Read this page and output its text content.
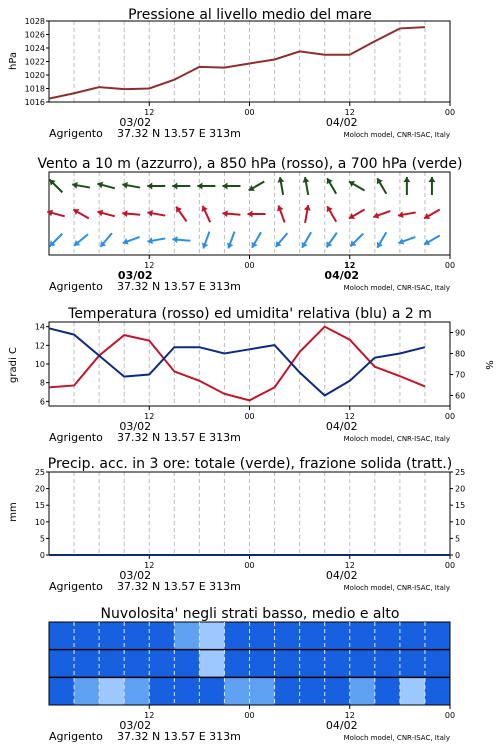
Pressione al livello medio del mare
hPa
12	00	12	00
03/02	04/02
Agrigento 37.32 N 13.57 E 313m	Moloch model, CNR-ISAC, Italy
1016
1018
1020
1022
1024
1026
1028
Vento a 10 m (azzurro), a 850 hPa (rosso), a 700 hPa (verde)
12	00	12	00
03/02	04/02
Agrigento 37.32 N 13.57 E 313m	Moloch model, CNR-ISAC, Italy
Temperatura (rosso) ed umidita' relativa (blu) a 2 m
gradi C	%
12	00	12	00
03/02	04/02
Agrigento 37.32 N 13.57 E 313m	Moloch model, CNR-ISAC, Italy
6
8
10
12
14
60
70
80
90
Precip. acc. in 3 ore: totale (verde), frazione solida (tratt.)
mm
12	00	12	00
03/02	04/02
Agrigento 37.32 N 13.57 E 313m	Moloch model, CNR-ISAC, Italy
0	0
5	5
10	10
15	15
20	20
25	25
Nuvolosita' negli strati basso, medio e alto
12	00	12	00
03/02	04/02
Agrigento 37.32 N 13.57 E 313m	Moloch model, CNR-ISAC, Italy
